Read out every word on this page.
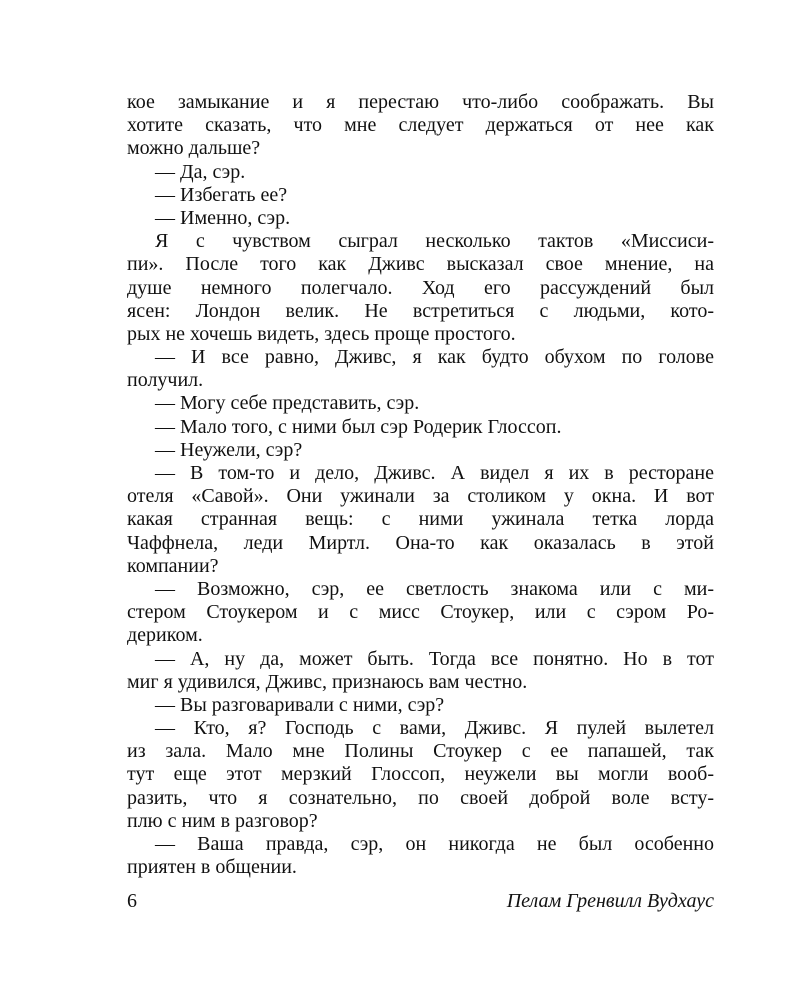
кое замыкание и я перестаю что-либо соображать. Вы
хотите сказать, что мне следует держаться от нее как
можно дальше?
— Да, сэр.
— Избегать ее?
— Именно, сэр.
Я с чувством сыграл несколько тактов «Миссиси-
пи». После того как Дживс высказал свое мнение, на
душе немного полегчало. Ход его рассуждений был
ясен: Лондон велик. Не встретиться с людьми, кото-
рых не хочешь видеть, здесь проще простого.
— И все равно, Дживс, я как будто обухом по голове
получил.
— Могу себе представить, сэр.
— Мало того, с ними был сэр Родерик Глоссоп.
— Неужели, сэр?
— В том-то и дело, Дживс. А видел я их в ресторане
отеля «Савой». Они ужинали за столиком у окна. И вот
какая странная вещь: с ними ужинала тетка лорда
Чаффнела, леди Миртл. Она-то как оказалась в этой
компании?
— Возможно, сэр, ее светлость знакома или с ми-
стером Стоукером и с мисс Стоукер, или с сэром Ро-
дериком.
— А, ну да, может быть. Тогда все понятно. Но в тот
миг я удивился, Дживс, признаюсь вам честно.
— Вы разговаривали с ними, сэр?
— Кто, я? Господь с вами, Дживс. Я пулей вылетел
из зала. Мало мне Полины Стоукер с ее папашей, так
тут еще этот мерзкий Глоссоп, неужели вы могли вооб-
разить, что я сознательно, по своей доброй воле всту-
плю с ним в разговор?
— Ваша правда, сэр, он никогда не был особенно
приятен в общении.
6	Пелам Гренвилл Вудхаус
